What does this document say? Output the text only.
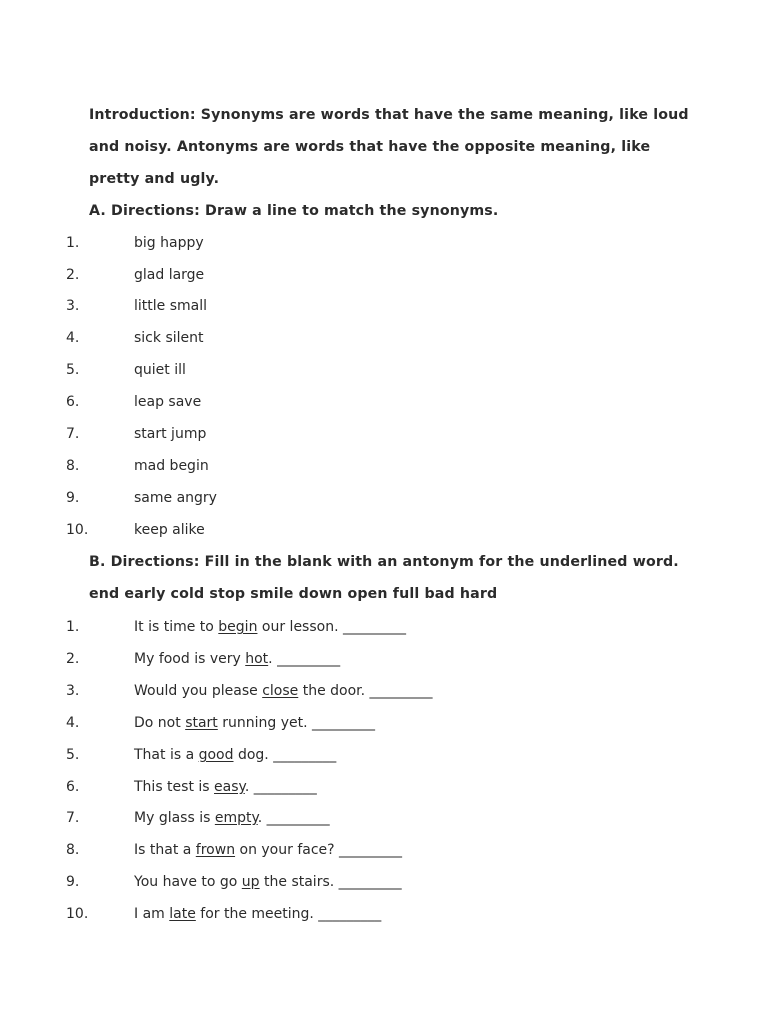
Introduction: Synonyms are words that have the same meaning, like loud
and noisy. Antonyms are words that have the opposite meaning, like
pretty and ugly.
A. Directions: Draw a line to match the synonyms.
1.	big happy
2.	glad large
3.	little small
4.	sick silent
5.	quiet ill
6.	leap save
7.	start jump
8.	mad begin
9.	same angry
10.	keep alike
B. Directions: Fill in the blank with an antonym for the underlined word.
end early cold stop smile down open full bad hard
1.	It is time to begin our lesson. _________
2.	My food is very hot. _________
3.	Would you please close the door. _________
4.	Do not start running yet. _________
5.	That is a good dog. _________
6.	This test is easy. _________
7.	My glass is empty. _________
8.	Is that a frown on your face? _________
9.	You have to go up the stairs. _________
10.	I am late for the meeting. _________
